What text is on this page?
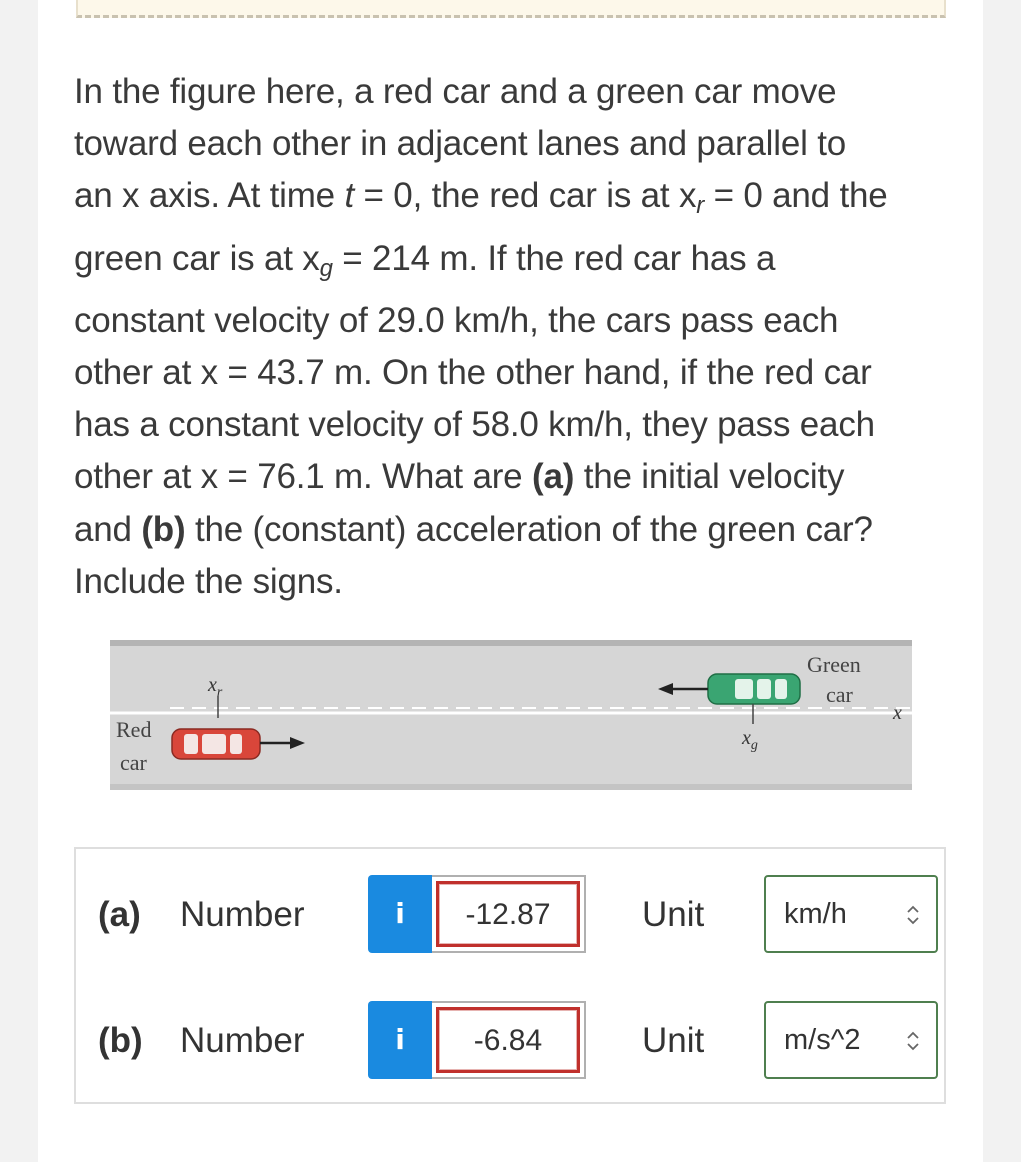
In the figure here, a red car and a green car move

toward each other in adjacent lanes and parallel to

an x axis. At time t = 0, the red car is at $x_r = 0$ and the

green car is at $x_g = 214$ m. If the red car has a

constant velocity of 29.0 km/h, the cars pass each

other at x = 43.7 m. On the other hand, if the red car

has a constant velocity of 58.0 km/h, they pass each

other at x = 76.1 m. What are (a) the initial velocity

and (b) the (constant) acceleration of the green car?

Include the signs.

$x_r$
Red
car
$x_g$
Green
car
x
(a) Number	i	-12.87	Unit	km/h
(b) Number	i	-6.84	Unit	m/s^2
